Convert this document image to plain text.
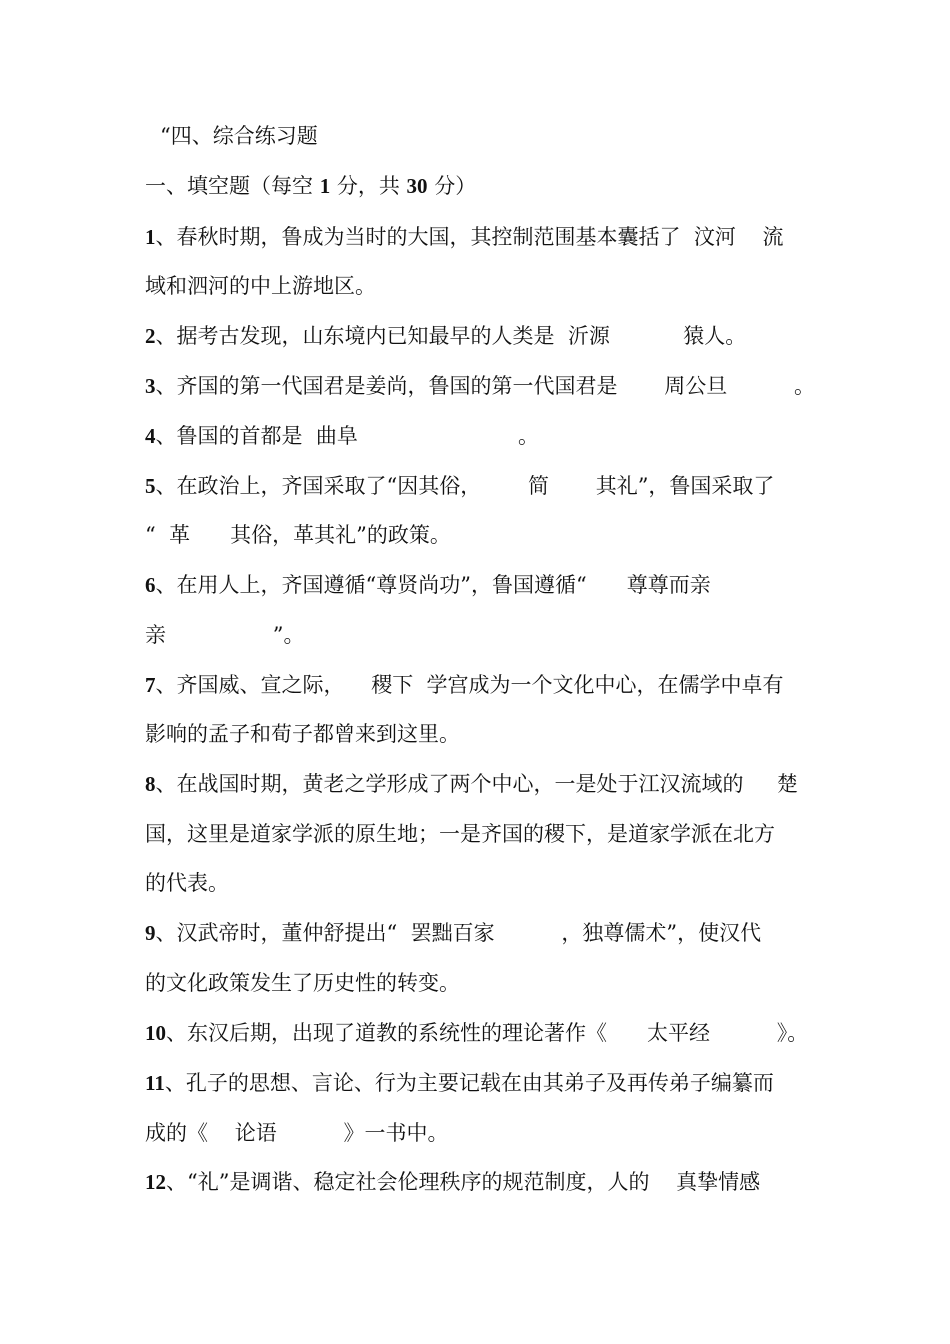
“四、综合练习题
一、填空题（每空 1 分，共 30 分）
1、春秋时期，鲁成为当时的大国，其控制范围基本囊括了  汶河    流
域和泗河的中上游地区。
2、据考古发现，山东境内已知最早的人类是  沂源           猿人。
3、齐国的第一代国君是姜尚，鲁国的第一代国君是       周公旦          。
4、鲁国的首都是  曲阜                        。
5、在政治上，齐国采取了“因其俗，       简       其礼”，鲁国采取了
“  革      其俗，革其礼”的政策。
6、在用人上，齐国遵循“尊贤尚功”，鲁国遵循“      尊尊而亲
亲                ”。
7、齐国威、宣之际，    稷下  学宫成为一个文化中心，在儒学中卓有
影响的孟子和荀子都曾来到这里。
8、在战国时期，黄老之学形成了两个中心，一是处于江汉流域的     楚
国，这里是道家学派的原生地；一是齐国的稷下，是道家学派在北方
的代表。
9、汉武帝时，董仲舒提出“  罢黜百家          ，独尊儒术”，使汉代
的文化政策发生了历史性的转变。
10、东汉后期，出现了道教的系统性的理论著作《      太平经          》。
11、孔子的思想、言论、行为主要记载在由其弟子及再传弟子编纂而
成的《    论语          》一书中。
12、“礼”是调谐、稳定社会伦理秩序的规范制度，人的    真挚情感
